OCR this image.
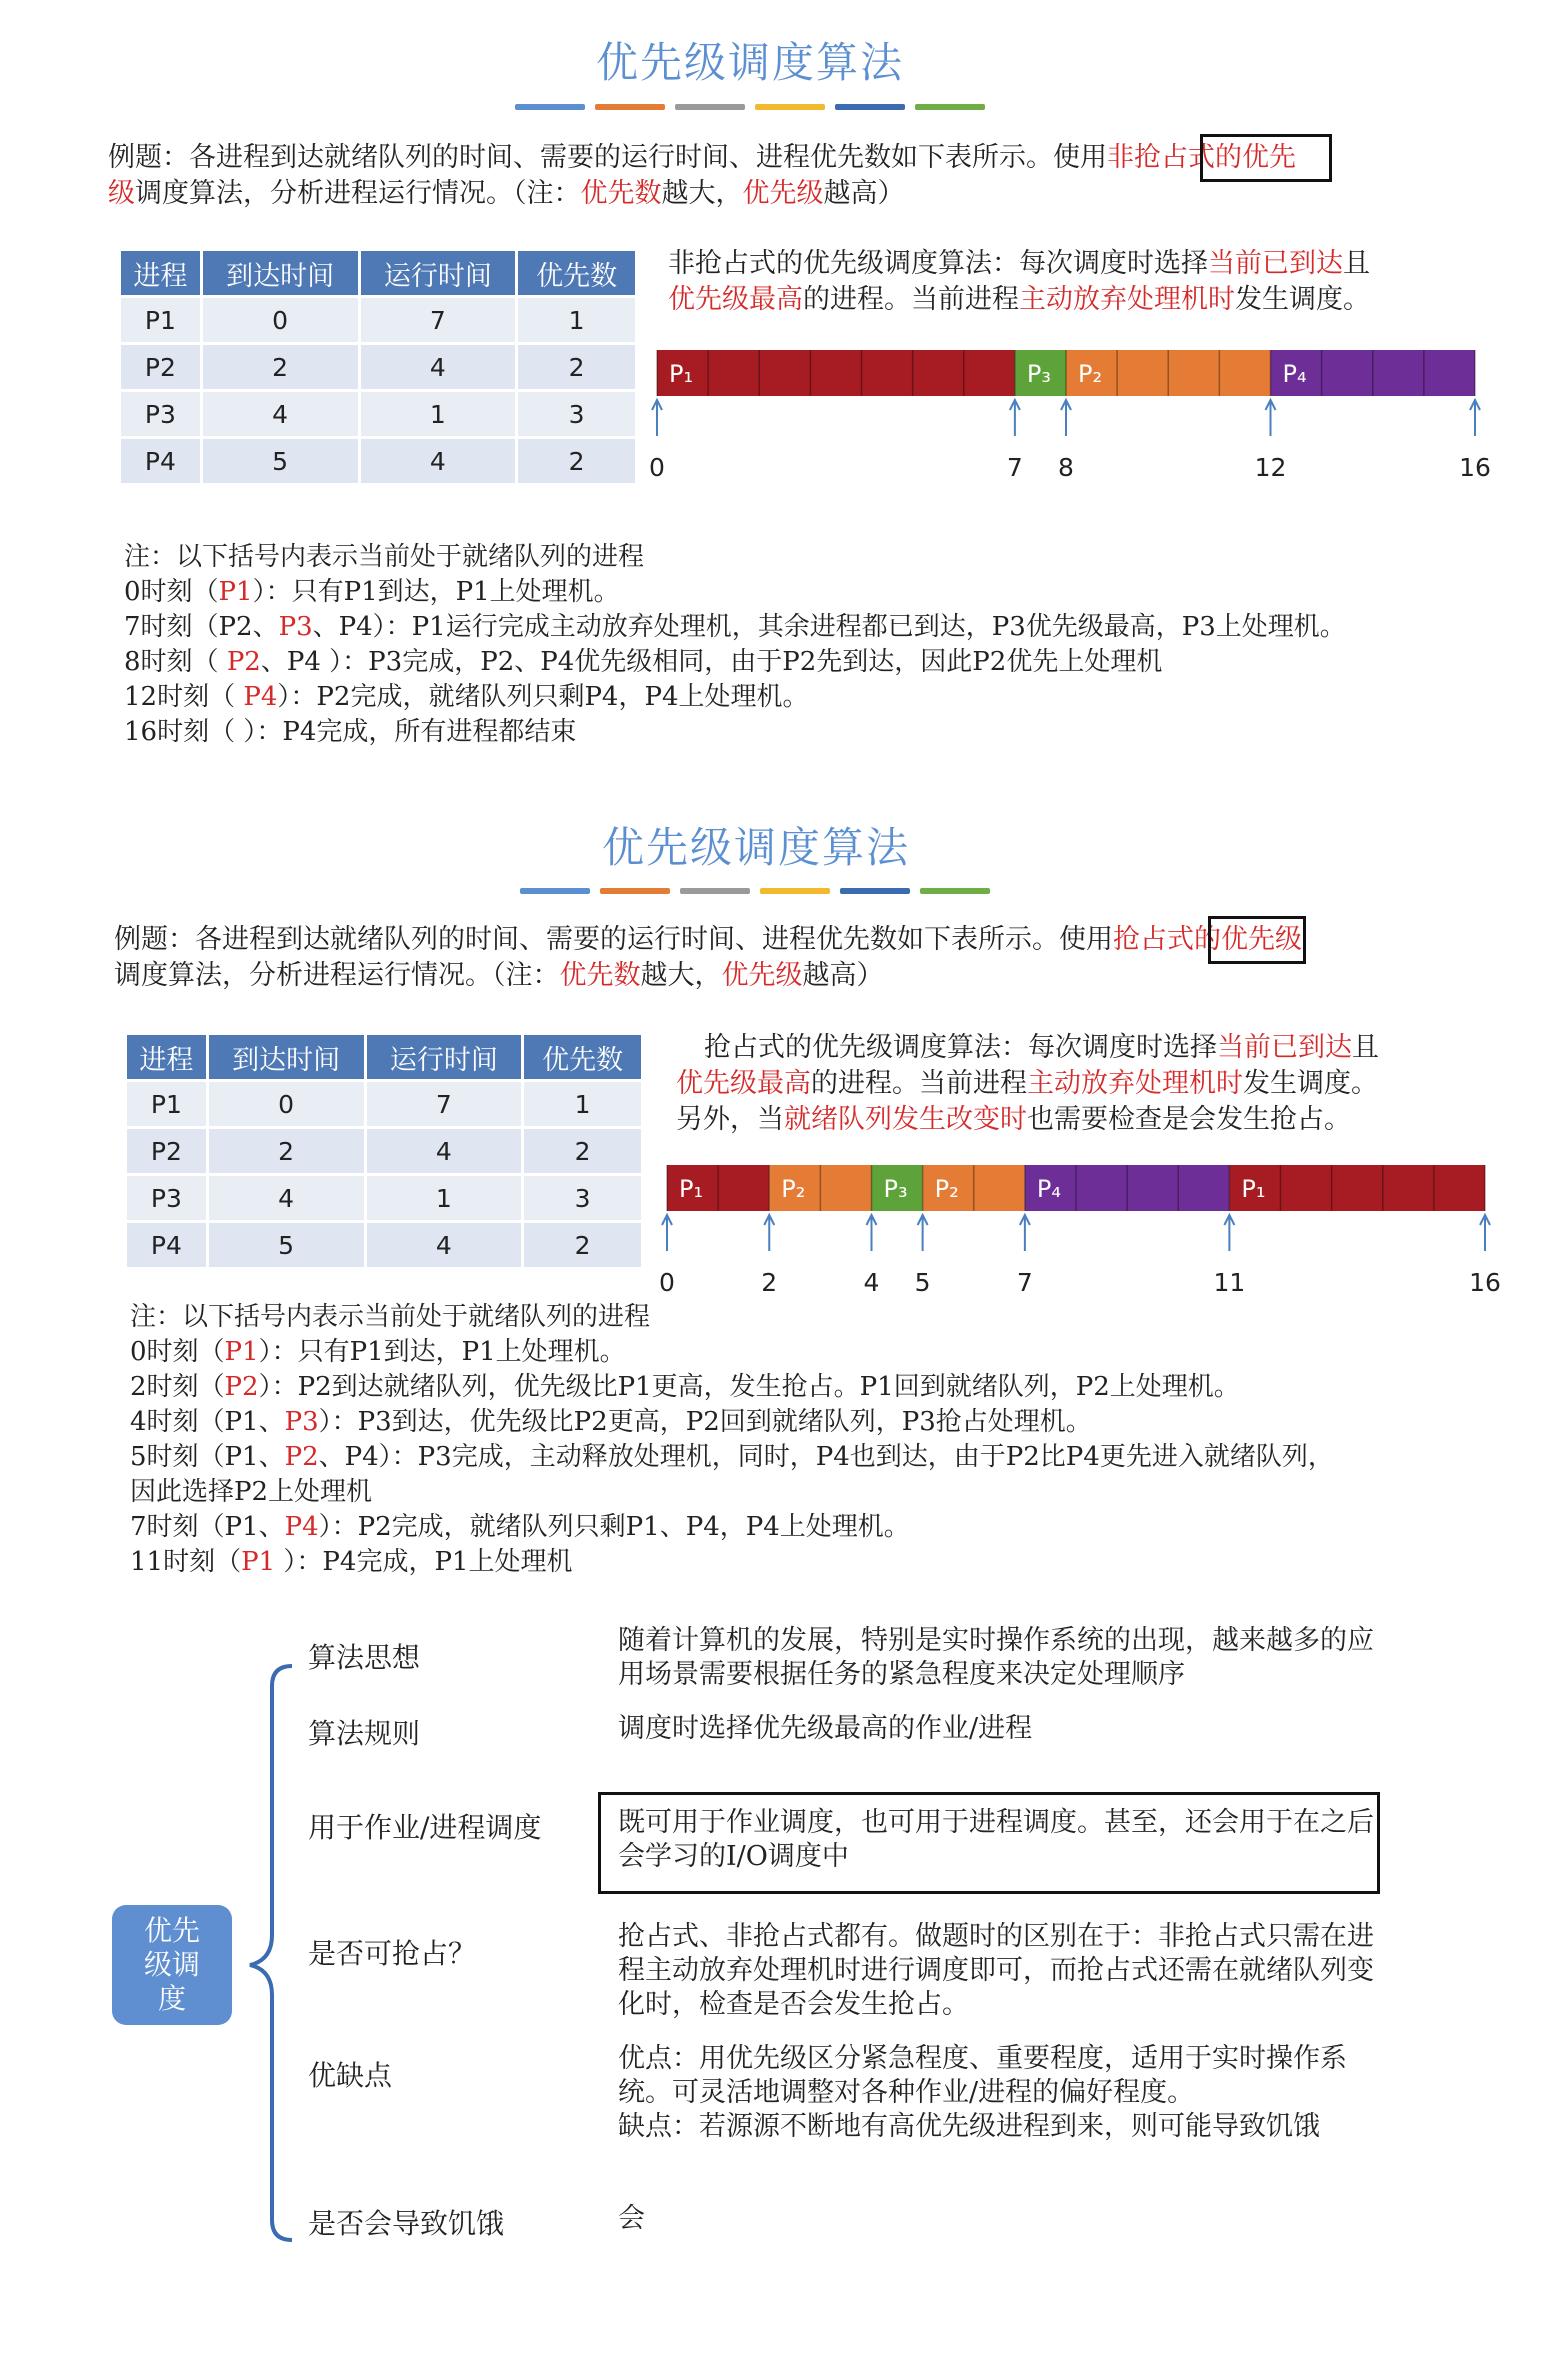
优先级调度算法
例题：各进程到达就绪队列的时间、需要的运行时间、进程优先数如下表所示。使用非抢占式的优先
级调度算法，分析进程运行情况。（注：优先数越大，优先级越高）
进程	到达时间	运行时间	优先数
P1	0	7	1
P2	2	4	2
P3	4	1	3
P4	5	4	2
非抢占式的优先级调度算法：每次调度时选择当前已到达且
优先级最高的进程。当前进程主动放弃处理机时发生调度。
P₁	P₃ P₂	P₄
0	7 8	12	16
注：以下括号内表示当前处于就绪队列的进程
0时刻（P1）：只有P1到达，P1上处理机。
7时刻（P2、P3、P4）：P1运行完成主动放弃处理机，其余进程都已到达，P3优先级最高，P3上处理机。
8时刻（ P2、P4 ）：P3完成，P2、P4优先级相同，由于P2先到达，因此P2优先上处理机
12时刻（ P4）：P2完成，就绪队列只剩P4，P4上处理机。
16时刻（ ）：P4完成，所有进程都结束
优先级调度算法
例题：各进程到达就绪队列的时间、需要的运行时间、进程优先数如下表所示。使用抢占式的优先级
调度算法，分析进程运行情况。（注：优先数越大，优先级越高）
进程	到达时间	运行时间	优先数
P1	0	7	1
P2	2	4	2
P3	4	1	3
P4	5	4	2
抢占式的优先级调度算法：每次调度时选择当前已到达且
优先级最高的进程。当前进程主动放弃处理机时发生调度。
另外，当就绪队列发生改变时也需要检查是会发生抢占。
P₁	P₂	P₃ P₂	P₄	P₁
0	2	4 5	7	11	16
注：以下括号内表示当前处于就绪队列的进程
0时刻（P1）：只有P1到达，P1上处理机。
2时刻（P2）：P2到达就绪队列，优先级比P1更高，发生抢占。P1回到就绪队列，P2上处理机。
4时刻（P1、P3）：P3到达，优先级比P2更高，P2回到就绪队列，P3抢占处理机。
5时刻（P1、P2、P4）：P3完成，主动释放处理机，同时，P4也到达，由于P2比P4更先进入就绪队列，
因此选择P2上处理机
7时刻（P1、P4）：P2完成，就绪队列只剩P1、P4，P4上处理机。
11时刻（P1 ）：P4完成，P1上处理机
优先
级调
度
算法思想
随着计算机的发展，特别是实时操作系统的出现，越来越多的应用场景需要根据任务的紧急程度来决定处理顺序
算法规则	调度时选择优先级最高的作业/进程
用于作业/进程调度	既可用于作业调度，也可用于进程调度。甚至，还会用于在之后会学习的I/O调度中
是否可抢占？
抢占式、非抢占式都有。做题时的区别在于：非抢占式只需在进程主动放弃处理机时进行调度即可，而抢占式还需在就绪队列变化时，检查是否会发生抢占。
优缺点
优点：用优先级区分紧急程度、重要程度，适用于实时操作系统。可灵活地调整对各种作业/进程的偏好程度。
缺点：若源源不断地有高优先级进程到来，则可能导致饥饿
是否会导致饥饿	会
